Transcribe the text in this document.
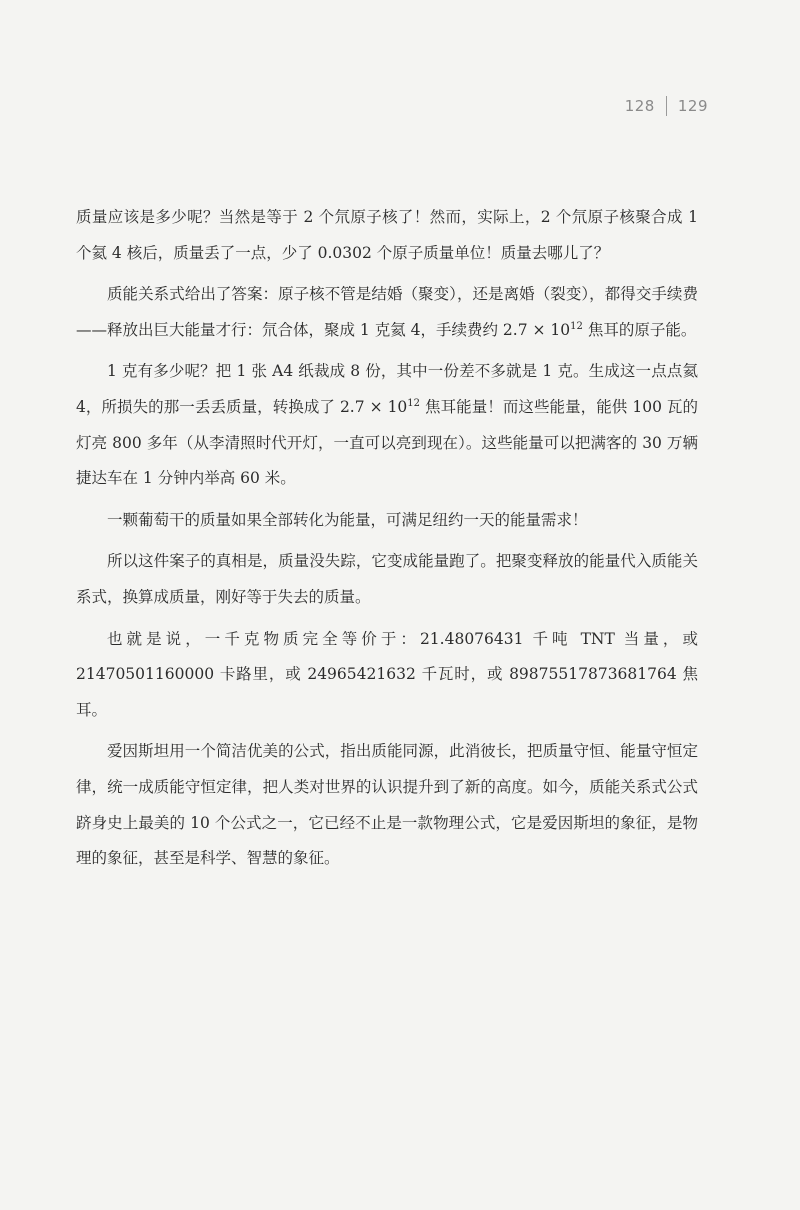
128 129

质量应该是多少呢？当然是等于 2 个氘原子核了！然而，实际上，2 个氘原子核聚合成 1 个氦 4 核后，质量丢了一点，少了 0.0302 个原子质量单位！质量去哪儿了？

质能关系式给出了答案：原子核不管是结婚（聚变），还是离婚（裂变），都得交手续费——释放出巨大能量才行：氘合体，聚成 1 克氦 4，手续费约 $2.7 \times 10^{12}$ 焦耳的原子能。

1 克有多少呢？把 1 张 A4 纸裁成 8 份，其中一份差不多就是 1 克。生成这一点点氦 4，所损失的那一丢丢质量，转换成了 $2.7 \times 10^{12}$ 焦耳能量！而这些能量，能供 100 瓦的灯亮 800 多年（从李清照时代开灯，一直可以亮到现在）。这些能量可以把满客的 30 万辆捷达车在 1 分钟内举高 60 米。

一颗葡萄干的质量如果全部转化为能量，可满足纽约一天的能量需求！

所以这件案子的真相是，质量没失踪，它变成能量跑了。把聚变释放的能量代入质能关系式，换算成质量，刚好等于失去的质量。

也就是说，一千克物质完全等价于：21.48076431 千吨 TNT 当量，或 21470501160000 卡路里，或 24965421632 千瓦时，或 89875517873681764 焦耳。

爱因斯坦用一个简洁优美的公式，指出质能同源，此消彼长，把质量守恒、能量守恒定律，统一成质能守恒定律，把人类对世界的认识提升到了新的高度。如今，质能关系式公式跻身史上最美的 10 个公式之一，它已经不止是一款物理公式，它是爱因斯坦的象征，是物理的象征，甚至是科学、智慧的象征。
